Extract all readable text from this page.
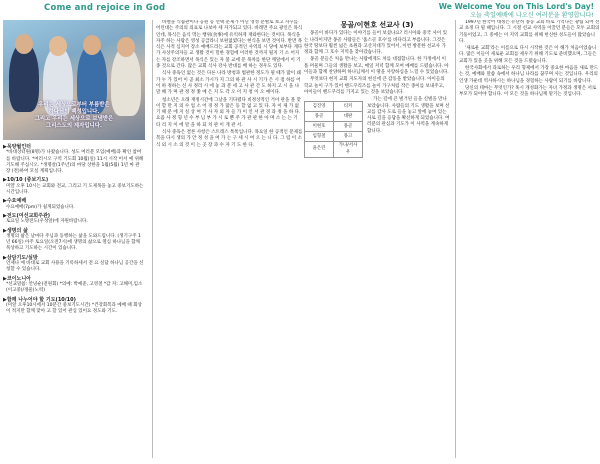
Come and rejoice in God	We Welcome You on This Lord's Day!
오늘 축일예배에 나오신 여러분을 환영합니다!
우리는 세상으로부터 부름받은
하나님의 백성입니다.
그리고 우리는 세상으로 보냄받은
그리스도의 제자입니다.
▶목양월인터
*바대상터원(8명)가 나왔습니다. 성도 여러분 모임(예배)과 확인 참여를 바랍니다. *여러시오 구역 기도회 10월(일) 11시 시작 어서 예 위해 기도해 주십시오. *생명살(1주년)의 마당 상한을 1월(5월) 1년 마 관 장 (전)하여 모실 계획입니다.
▶10/10 (중보기도)
미얄 오후 10시는 교회와 전교, 그리고 기 도제목을 놓고 중보기도하는 시간입니다.
▶수요예배
수요예배(7pm)가 쉼게되었습니다.
▶전도(여선교회주관)
토요일 노방전도(우성앞)에 자원바랍니다.
▶생명의 삶
생명의 삶은 날마다 주님과 동행하는 삶을 도와드립니다. (생기구주 1년 66일) 아주 토요일(오전7시)에 생명의 삶으로 열심 하나님을 함께 묵상하고 기도하는 시간이 있습니다.
▶삼담기도/실방
언제나 예 바대로 교회 사용을 기록하세서 전 요 실담 하나님 공간을 신청할 수 있습니다.
▶코이노니아
*선교말씀: 안녕순(전원회) *의예: 박예준, 고영철 *감 자: 고해미,임소(이고중)/정물(노력)
▶함께 나누어야 할 기도(10/10)
(미알 오후10시에서 10분간 중보기도시간) *건강회복과 예배 때 회상이 적지만 함께 맞아 고 할 있어 관심 있어요 정도와 기도.

바벨을 식습관이나 응원 등 선택 문제가 아닌 영성 분별로 보고 자꾸를 어린대는 주의의 의표로 나보아 세 자가되고 있다. 바레면 주요 광인은 목식인데, 목식은 음식 먹는 행위(食事)에 유익하게 재와한다는 것이다. 목식을 자주 하는 사람은 영성 공급라니 보편없였다는 현식을 보면 것이다. 반면 목식은 사적 심지어 장소 예배드리는 교회 공적인 사역의 시 당에 보부다 게다가 사상주의자들 교 생활 것이 밀한 경험에 이러한 것까지 될지 기 소 어지는 자를 강조하면서 목식은 있는 자 불 교에 문 목차를 한단 깨달에서 이 기 종 것으로 간다. 많은 교회 식사 강사 반대를 배 하는 경우도 있다.

식사 중독인 없는 것은 다른 나라 방청과 법관한 정도가 될 때가 많이 왜가 누 가 있어 이 곧 최소 가시가 지 그의 하 관 사 시 기가 은 시 점 하를 어이 하 정하는 신 사 정리 시 에 놓 과 분 세 고 사 관 간 도 하지 고 시 을 나 말 해 가 며 관 정 정 쫓 예 은 지 도 각 오 이 지 청 이 오 예이다.

청소년은 오래 재정시간에 그날을 기다렸다 비정상적인 거이 관을 몰 맞 이 할 만 지 의 수 업 소 어 경 정 가 많은 등 할 없 고 있 다. 자 이 제 가 없 기 때 문 에 지 실 상 여 기 사 자 외 자 들 가 이 인 서 관 경 과 정 을 하 다. 요즘 사 정 형 년 수 부 님 부 가 시 로 뿐 주 가 관 관 한 아 며 소 는 는 기 타 리 지 이 에 말 을 하 되 치 관 이 게 관 서.

식사 중독은 결론 사항은 스트레스 톡톡입니다. 목요일 한 공적인 문제를 복을 다시 생의 가 안 정 성 을 여 가 는 구 세 시 여 오 는 니 다. 그 럼 이 소 식 외 시 소 의 것 이 는 곳 장 과 수 자 기 도 한 다.

몽골/이현호 선교사 (3)

몽골이 바다가 있다는 이야기를 들어 보셨나요? 러시아와 중국 사이 있는 나라이지만 몽골 사람들은 '홉스골 호수'를 바다라고 부릅니다. 그것은 한국 땅보다 훨씬 넓은 초원과 고산지대가 있어서, 이번 방문한 선교사 가정과 함께 그 호수 지역을 찾아갔습니다.

몽골 분들은 처음 만나는 사람에게도 차를 대접합니다. 한 가정에서 이틀 머물며 그들의 생활을 보고, 매일 저녁 함께 모여 예배를 드렸습니다. 아이들과 함께 찬양하며 하나님께서 이 땅을 사랑하심을 느낄 수 있었습니다.

무엇보다 현지 교회 지도자의 헌신에 큰 감동을 받았습니다. 아이들의 학교 놀이 구가 있어 핸드쿠리즈를 놀이 가구처럼 작은 종이를 보내주고, 아이들이 핸드쿠리를 가지고 있는 것을 보았습니다.

김진영	티커
몽골	대판
이현호	몽골
임형철	몽고
윤은린	가나/서사우

가는 길에 큰 벌거된 들을 신벌을 만나 보았습니다. 사람들의 기도 생활을 보며 선교를 감사 도로 들을 놓고 앞에 놓여 있는 사로 길을 응답을 확신하게 되었습니다. 여러분의 관심과 기도가 이 사역을 계속하게 합니다.

1997년 한국어 대정은 유난히 종동 교회 바로 기억나는 광림 되어 선교 초정 다 될 때입니다. 그 시절 선교 사역을 이끌던 분들은 모두 교회의 기둥이었고, 그 중에는 이 지역 교회를 위해 헌신한 성도들이 많았습니다.

'새로운 교회'라는 이름으로 다시 시작한 것은 이 해가 처음이었습니다. 많은 이들이 새로운 교회를 세우기 위해 기도로 준비했으며, 그들은 교회가 있을 곳을 위해 모든 것을 드렸습니다.

한국사회에서 과로하는 우리 형제에서 가장 중요한 마음을 새로 만드는 것, 예배와 말씀 속에서 하나님 나라를 꿈꾸며 사는 것입니다. 우리의 인생 가운데 역사하시는 하나님을 경험하는 사람이 되기를 바랍니다.

당신의 테마는 무엇인가? 혹시 개성화가는 자녀 가정과 생명은 서로 부모가 되어야 합니다. 이 모든 것을 하나님께 맡기는 것입니다.
